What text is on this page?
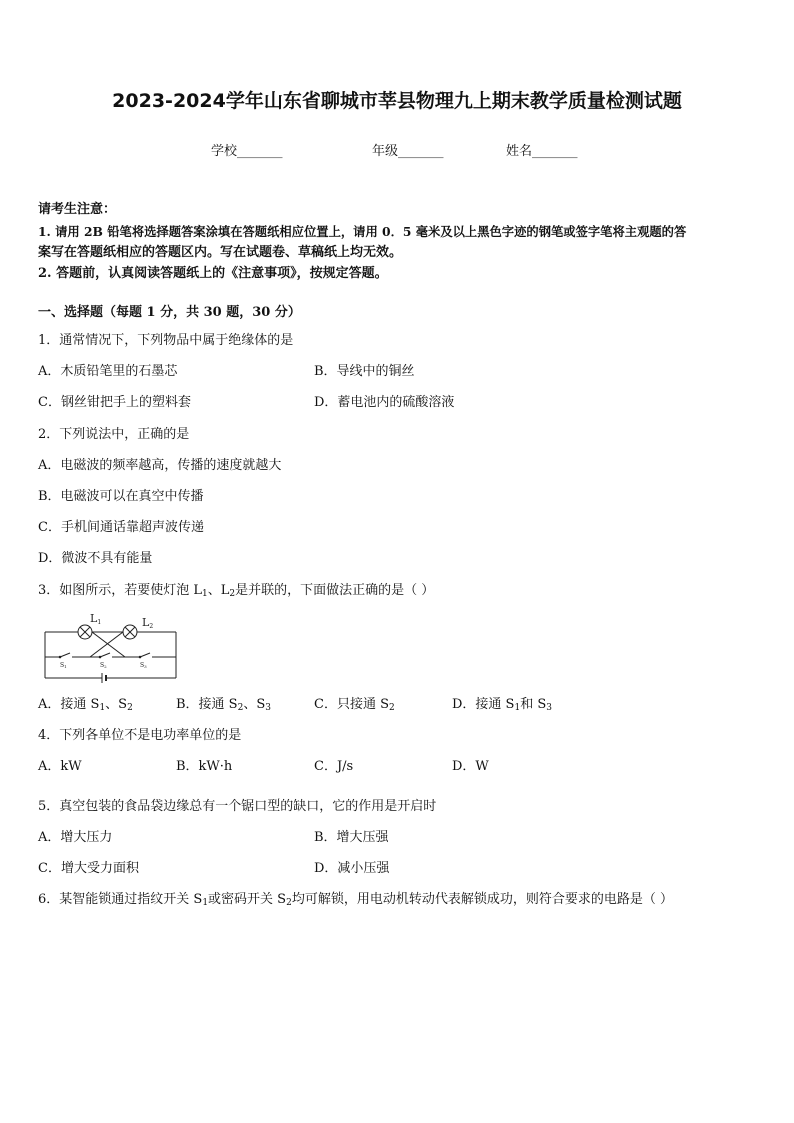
2023-2024学年山东省聊城市莘县物理九上期末教学质量检测试题
学校_______	年级_______	姓名_______
请考生注意：
1. 请用 2B 铅笔将选择题答案涂填在答题纸相应位置上，请用 0．5 毫米及以上黑色字迹的钢笔或签字笔将主观题的答
案写在答题纸相应的答题区内。写在试题卷、草稿纸上均无效。
2. 答题前，认真阅读答题纸上的《注意事项》，按规定答题。
一、选择题（每题 1 分，共 30 题，30 分）
1．通常情况下，下列物品中属于绝缘体的是
A．木质铅笔里的石墨芯	B．导线中的铜丝
C．钢丝钳把手上的塑料套	D．蓄电池内的硫酸溶液
2．下列说法中，正确的是
A．电磁波的频率越高，传播的速度就越大
B．电磁波可以在真空中传播
C．手机间通话靠超声波传递
D．微波不具有能量
3．如图所示，若要使灯泡 $L_1$、$L_2$是并联的，下面做法正确的是（ ）
L1	L2
S1	S2	S3
A．接通 $S_1$、$S_2$	B．接通 $S_2$、$S_3$	C．只接通 $S_2$	D．接通 $S_1$和 $S_3$
4．下列各单位不是电功率单位的是
A．kW	B．kW·h	C．J/s	D．W
5．真空包装的食品袋边缘总有一个锯口型的缺口，它的作用是开启时
A．增大压力	B．增大压强
C．增大受力面积	D．减小压强
6．某智能锁通过指纹开关 $S_1$或密码开关 $S_2$均可解锁，用电动机转动代表解锁成功，则符合要求的电路是（ ）
